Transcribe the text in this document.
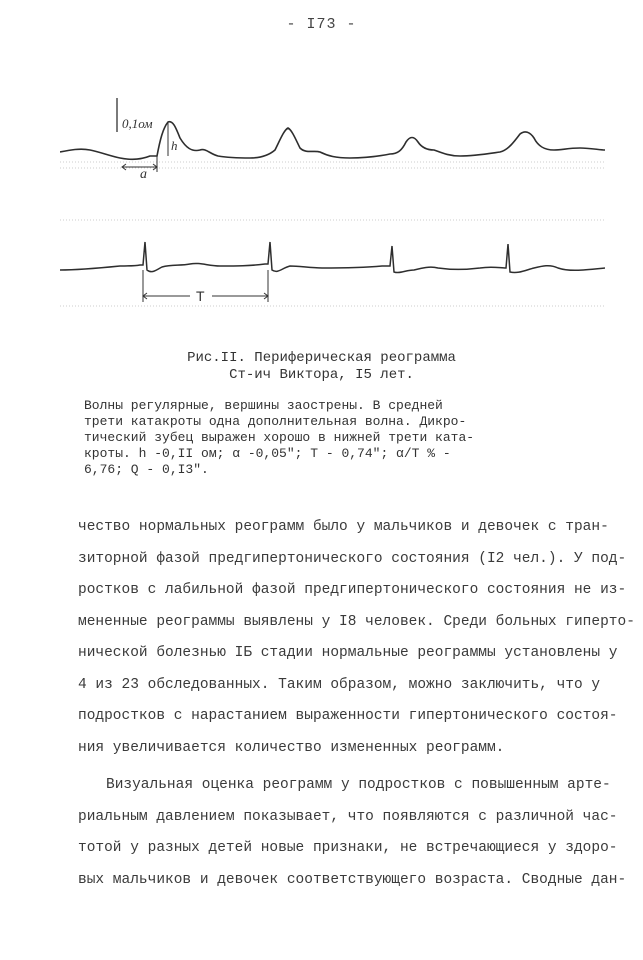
- I73 -
0,1ом
a
h
T
Рис.II. Периферическая реограмма
Ст-ич Виктора, I5 лет.
Волны регулярные, вершины заострены. В средней
трети катакроты одна дополнительная волна. Дикро-
тический зубец выражен хорошо в нижней трети ката-
кроты. h -0,II ом; α -0,05"; T - 0,74"; α/T % -
6,76; Q - 0,I3".

чество нормальных реограмм было у мальчиков и девочек с тран-
зиторной фазой предгипертонического состояния (I2 чел.). У под-
ростков с лабильной фазой предгипертонического состояния не из-
мененные реограммы выявлены у I8 человек. Среди больных гиперто-
нической болезнью IБ стадии нормальные реограммы установлены у
4 из 23 обследованных. Таким образом, можно заключить, что у
подростков с нарастанием выраженности гипертонического состоя-
ния увеличивается количество измененных реограмм.

Визуальная оценка реограмм у подростков с повышенным арте-
риальным давлением показывает, что появляются с различной час-
тотой у разных детей новые признаки, не встречающиеся у здоро-
вых мальчиков и девочек соответствующего возраста. Сводные дан-
